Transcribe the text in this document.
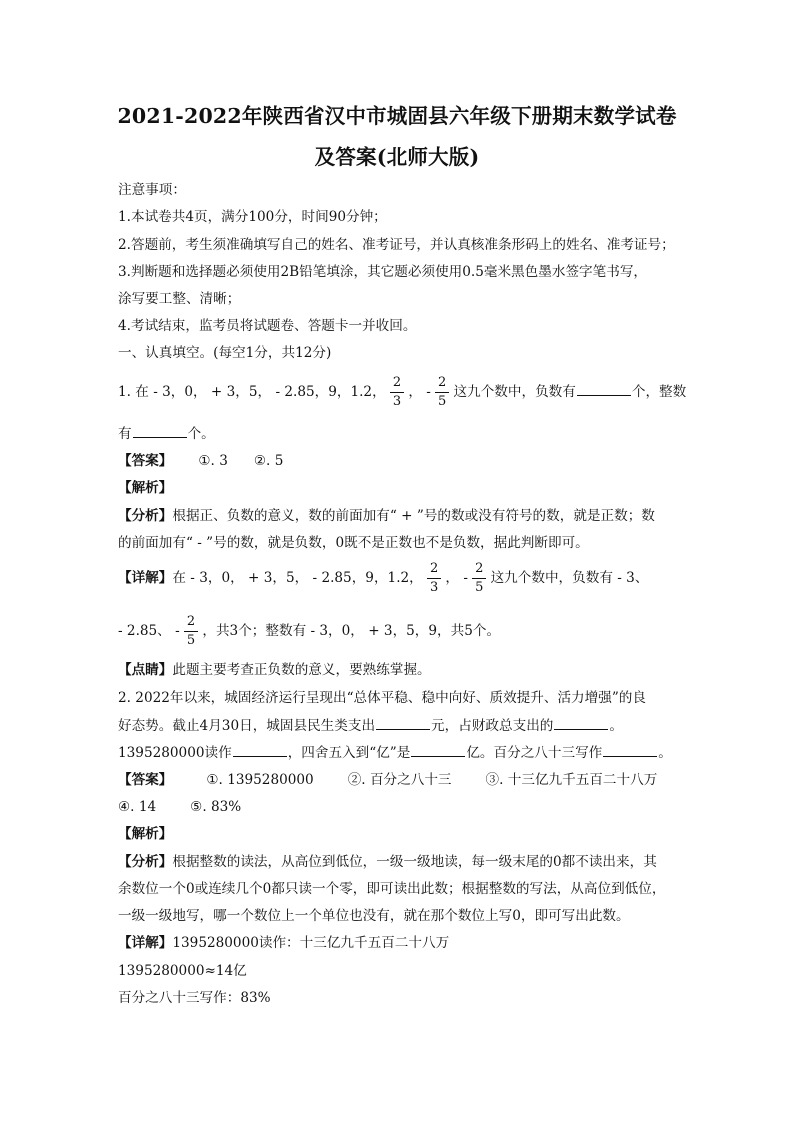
2021-2022年陕西省汉中市城固县六年级下册期末数学试卷
及答案(北师大版)
注意事项：
1.本试卷共4页，满分100分，时间90分钟；
2.答题前，考生须准确填写自己的姓名、准考证号，并认真核准条形码上的姓名、准考证号；
3.判断题和选择题必须使用2B铅笔填涂，其它题必须使用0.5毫米黑色墨水签字笔书写，
涂写要工整、清晰；
4.考试结束，监考员将试题卷、答题卡一并收回。
一、认真填空。(每空1分，共12分)
1. 在 - 3，0， + 3，5， - 2.85，9，1.2， $\frac{2}{3}$ ， - $\frac{2}{5}$ 这九个数中，负数有	个，整数
有	个。
【答案】 ①. 3 ②. 5
【解析】
【分析】根据正、负数的意义，数的前面加有“ + ”号的数或没有符号的数，就是正数；数
的前面加有“ - ”号的数，就是负数，0既不是正数也不是负数，据此判断即可。
【详解】在 - 3，0， + 3，5， - 2.85，9，1.2， $\frac{2}{3}$ ， - $\frac{2}{5}$ 这九个数中，负数有 - 3、
- 2.85、 - $\frac{2}{5}$ ，共3个；整数有 - 3，0， + 3，5，9，共5个。
【点睛】此题主要考查正负数的意义，要熟练掌握。
2. 2022年以来，城固经济运行呈现出“总体平稳、稳中向好、质效提升、活力增强”的良
好态势。截止4月30日，城固县民生类支出	元，占财政总支出的	。
1395280000读作	，四舍五入到“亿”是	亿。百分之八十三写作	。
【答案】	①. 1395280000	②. 百分之八十三	③. 十三亿九千五百二十八万
④. 14	⑤. 83%
【解析】
【分析】根据整数的读法，从高位到低位，一级一级地读，每一级末尾的0都不读出来，其
余数位一个0或连续几个0都只读一个零，即可读出此数；根据整数的写法，从高位到低位，
一级一级地写，哪一个数位上一个单位也没有，就在那个数位上写0，即可写出此数。
【详解】1395280000读作：十三亿九千五百二十八万
1395280000≈14亿
百分之八十三写作：83%
